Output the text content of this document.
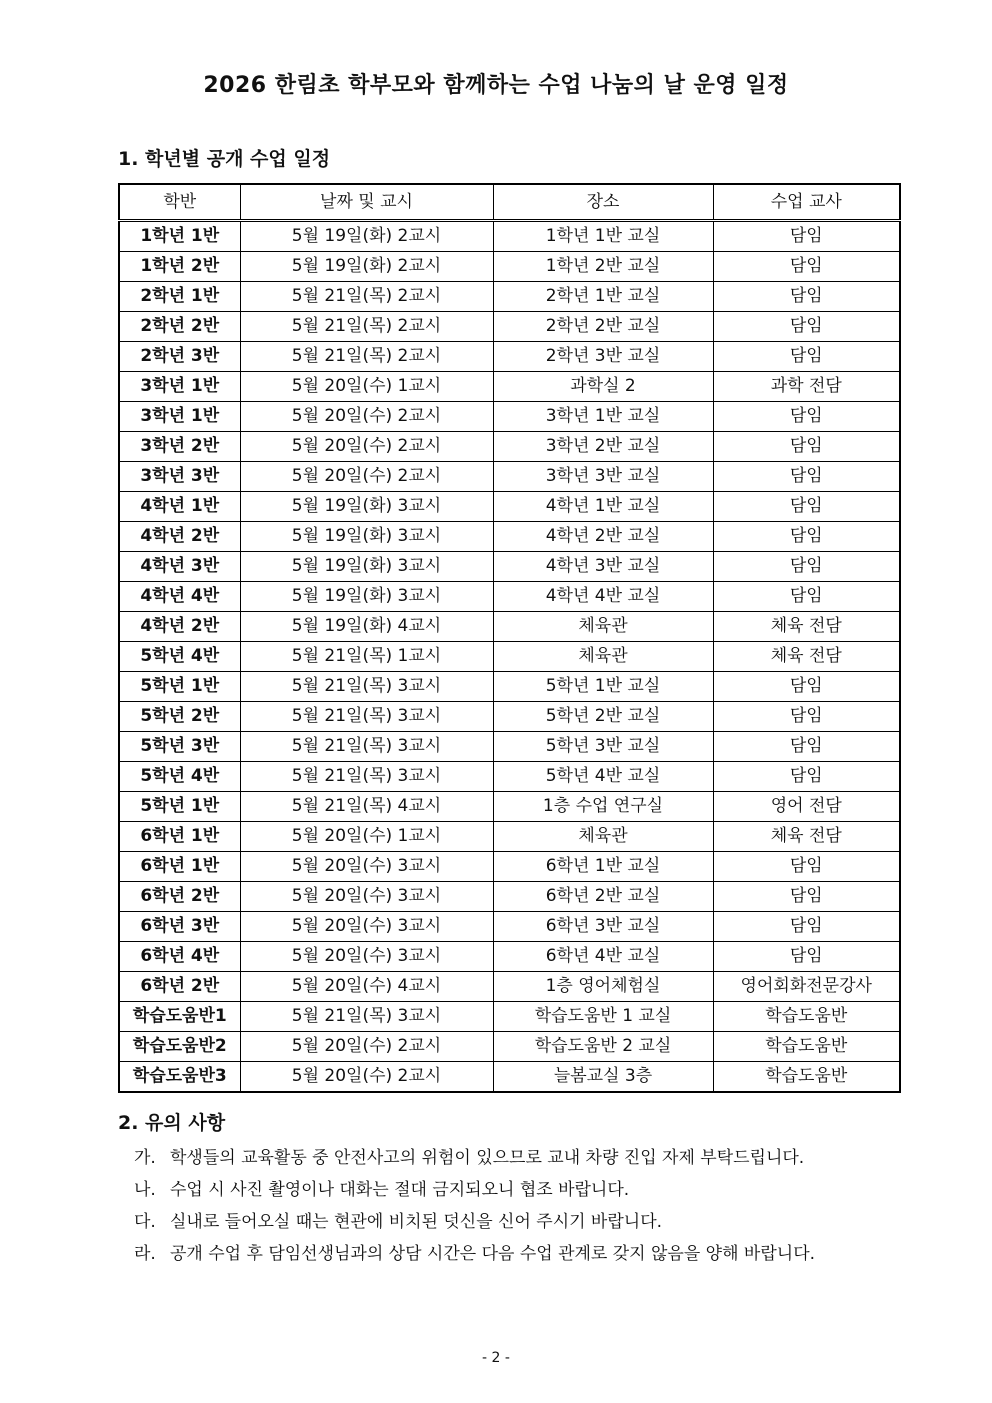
2026 한림초 학부모와 함께하는 수업 나눔의 날 운영 일정
1. 학년별 공개 수업 일정
학반	날짜 및 교시	장소	수업 교사
1학년 1반	5월 19일(화) 2교시	1학년 1반 교실	담임
1학년 2반	5월 19일(화) 2교시	1학년 2반 교실	담임
2학년 1반	5월 21일(목) 2교시	2학년 1반 교실	담임
2학년 2반	5월 21일(목) 2교시	2학년 2반 교실	담임
2학년 3반	5월 21일(목) 2교시	2학년 3반 교실	담임
3학년 1반	5월 20일(수) 1교시	과학실 2	과학 전담
3학년 1반	5월 20일(수) 2교시	3학년 1반 교실	담임
3학년 2반	5월 20일(수) 2교시	3학년 2반 교실	담임
3학년 3반	5월 20일(수) 2교시	3학년 3반 교실	담임
4학년 1반	5월 19일(화) 3교시	4학년 1반 교실	담임
4학년 2반	5월 19일(화) 3교시	4학년 2반 교실	담임
4학년 3반	5월 19일(화) 3교시	4학년 3반 교실	담임
4학년 4반	5월 19일(화) 3교시	4학년 4반 교실	담임
4학년 2반	5월 19일(화) 4교시	체육관	체육 전담
5학년 4반	5월 21일(목) 1교시	체육관	체육 전담
5학년 1반	5월 21일(목) 3교시	5학년 1반 교실	담임
5학년 2반	5월 21일(목) 3교시	5학년 2반 교실	담임
5학년 3반	5월 21일(목) 3교시	5학년 3반 교실	담임
5학년 4반	5월 21일(목) 3교시	5학년 4반 교실	담임
5학년 1반	5월 21일(목) 4교시	1층 수업 연구실	영어 전담
6학년 1반	5월 20일(수) 1교시	체육관	체육 전담
6학년 1반	5월 20일(수) 3교시	6학년 1반 교실	담임
6학년 2반	5월 20일(수) 3교시	6학년 2반 교실	담임
6학년 3반	5월 20일(수) 3교시	6학년 3반 교실	담임
6학년 4반	5월 20일(수) 3교시	6학년 4반 교실	담임
6학년 2반	5월 20일(수) 4교시	1층 영어체험실	영어회화전문강사
학습도움반1	5월 21일(목) 3교시	학습도움반 1 교실	학습도움반
학습도움반2	5월 20일(수) 2교시	학습도움반 2 교실	학습도움반
학습도움반3	5월 20일(수) 2교시	늘봄교실 3층	학습도움반
2. 유의 사항
가. 학생들의 교육활동 중 안전사고의 위험이 있으므로 교내 차량 진입 자제 부탁드립니다.
나. 수업 시 사진 촬영이나 대화는 절대 금지되오니 협조 바랍니다.
다. 실내로 들어오실 때는 현관에 비치된 덧신을 신어 주시기 바랍니다.
라. 공개 수업 후 담임선생님과의 상담 시간은 다음 수업 관계로 갖지 않음을 양해 바랍니다.
- 2 -
